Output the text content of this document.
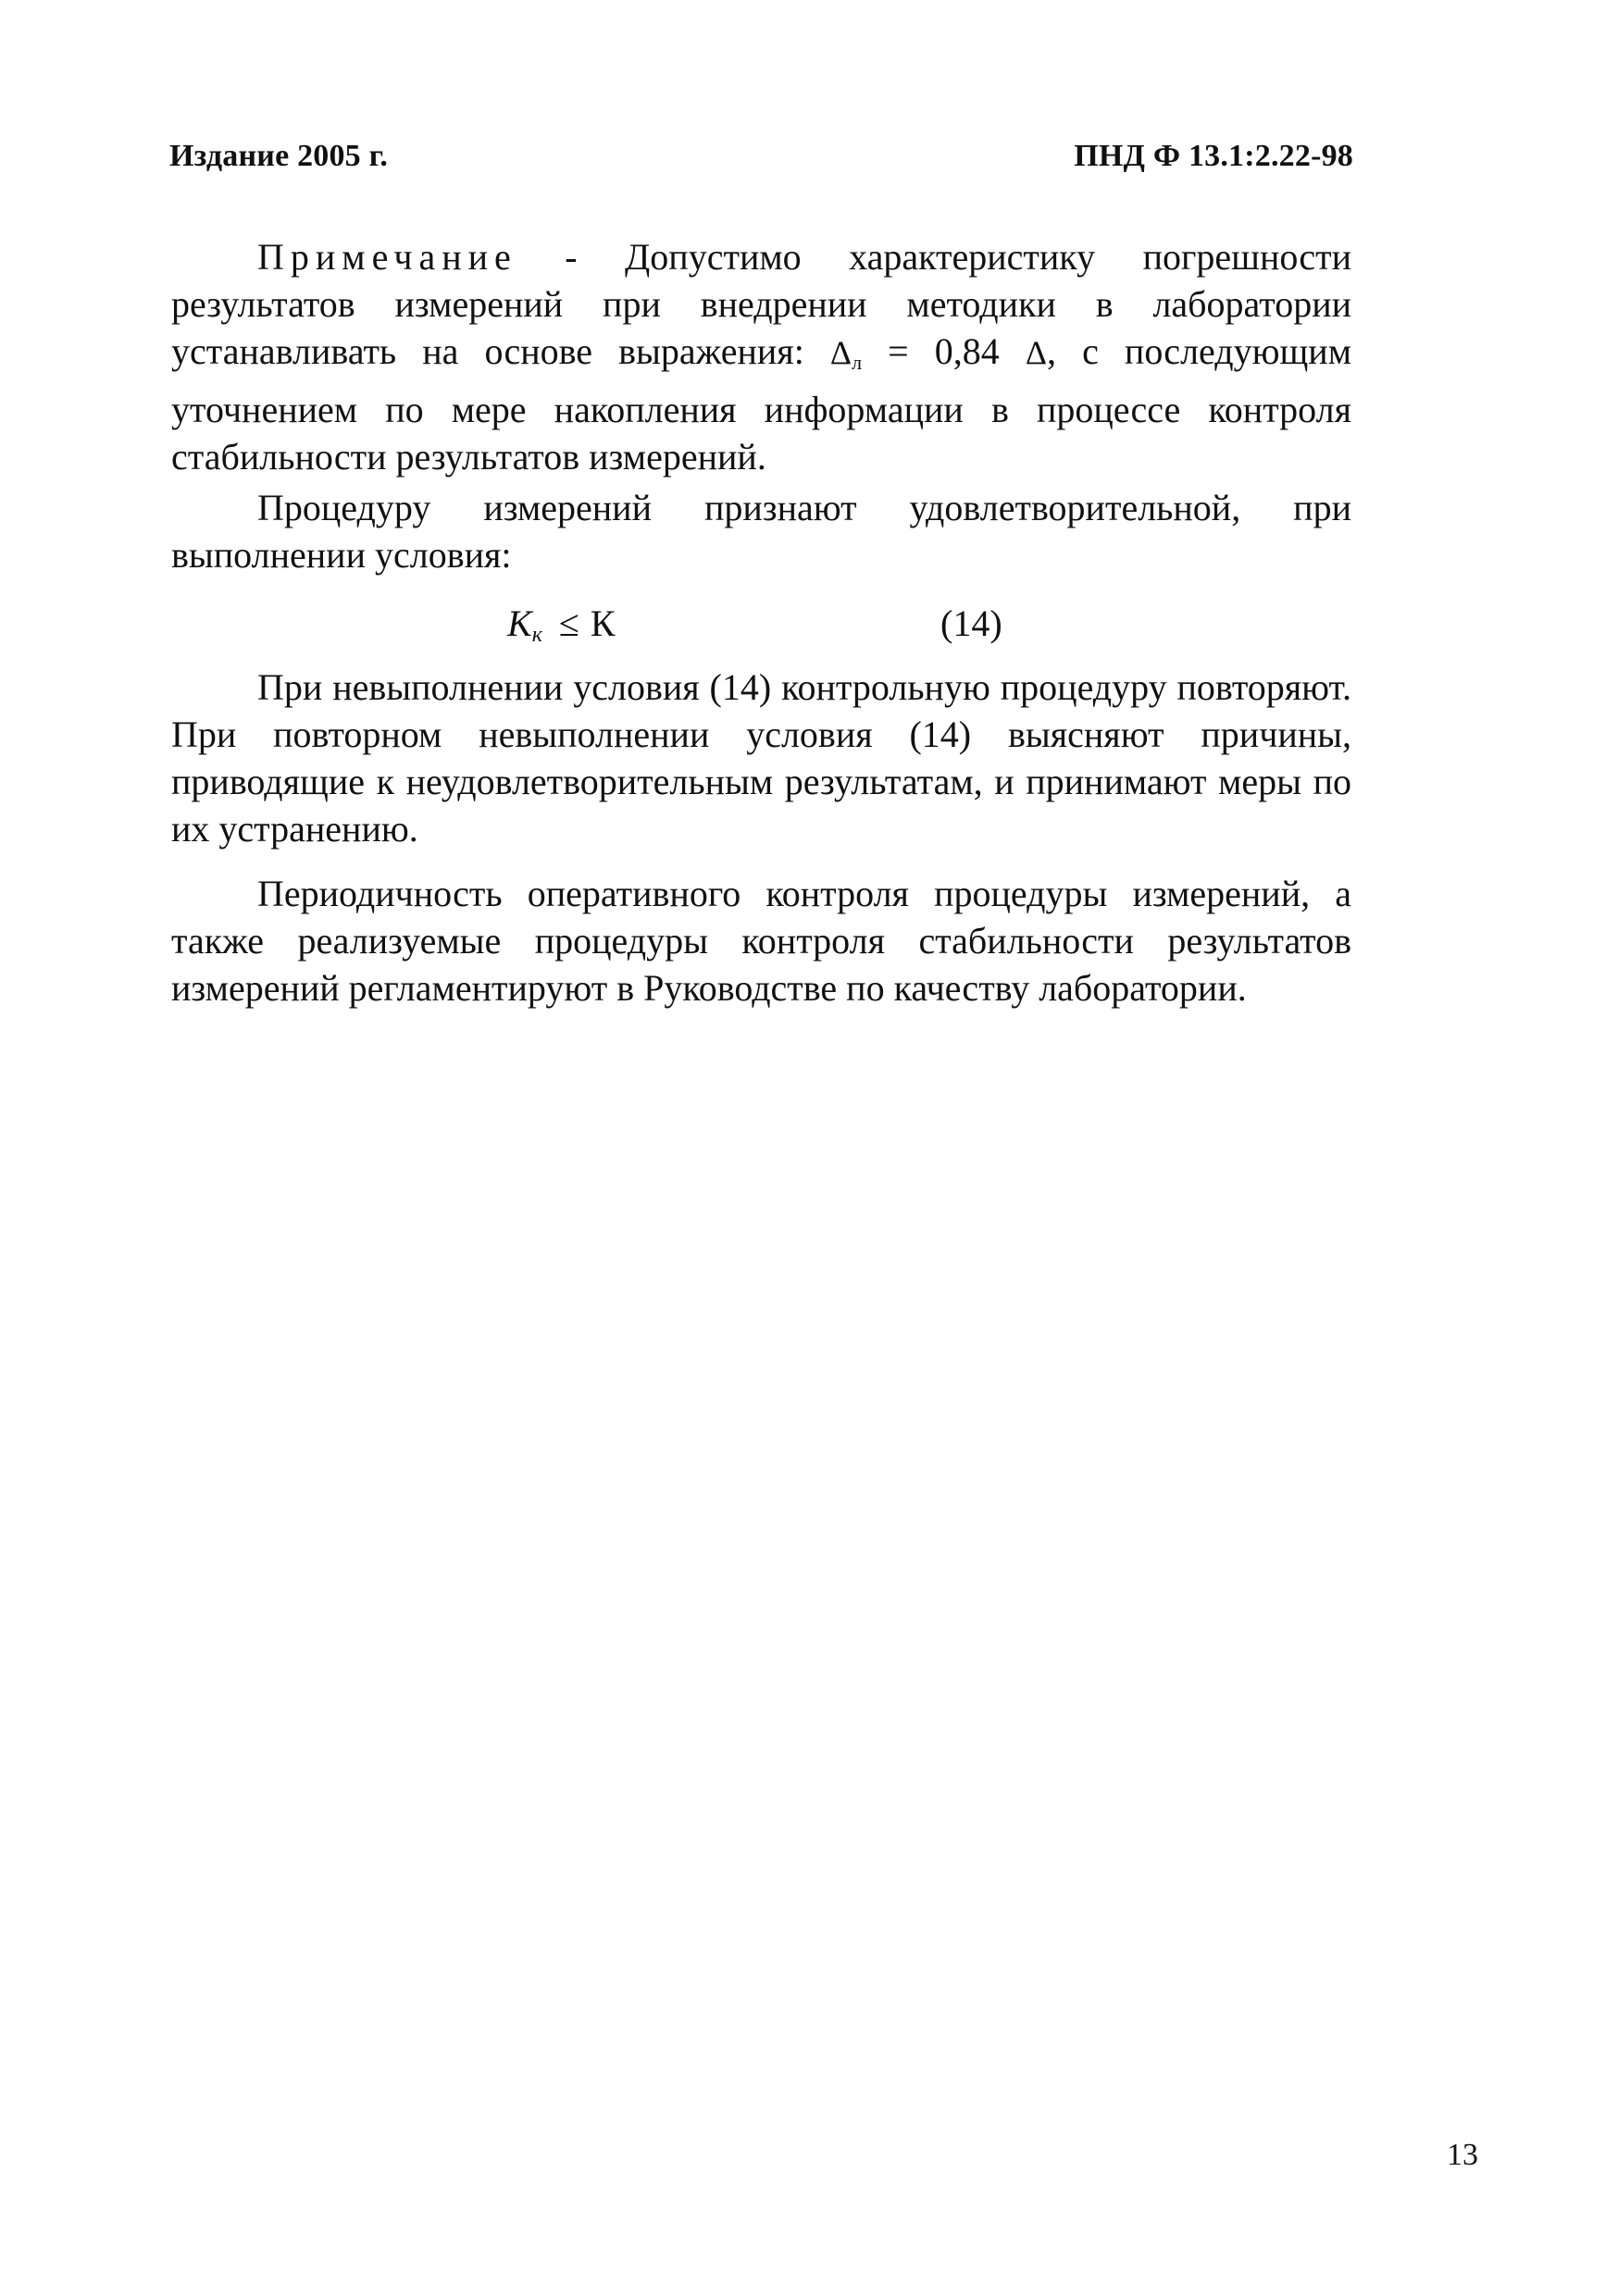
Издание 2005 г.	ПНД Ф 13.1:2.22-98

Примечание - Допустимо характеристику погрешности результатов измерений при внедрении методики в лаборатории устанавливать на основе выражения: Δл = 0,84 Δ, с последующим уточнением по мере накопления информации в процессе контроля стабильности результатов измерений.

Процедуру измерений признают удовлетворительной, при выполнении условия:

Kк ≤ К	(14)

При невыполнении условия (14) контрольную процедуру повторяют. При повторном невыполнении условия (14) выясняют причины, приводящие к неудовлетворительным результатам, и принимают меры по их устранению.

Периодичность оперативного контроля процедуры измерений, а также реализуемые процедуры контроля стабильности результатов измерений регламентируют в Руководстве по качеству лаборатории.

13
